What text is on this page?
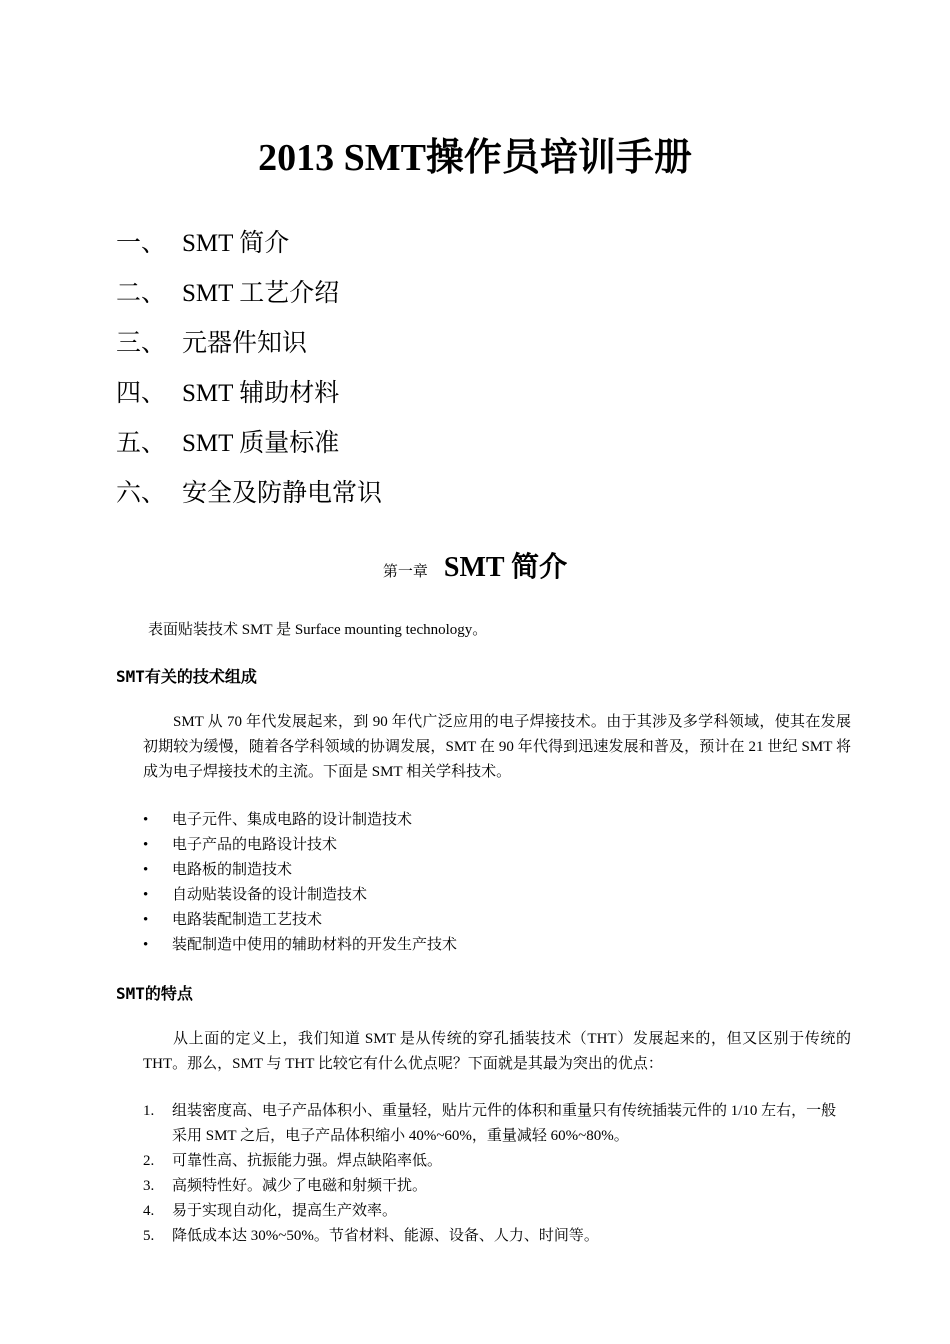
2013 SMT操作员培训手册
一、 SMT 简介
二、 SMT 工艺介绍
三、 元器件知识
四、 SMT 辅助材料
五、 SMT 质量标准
六、 安全及防静电常识
第一章 SMT 简介
表面贴装技术 SMT 是 Surface mounting technology。
SMT有关的技术组成
SMT 从 70 年代发展起来，到 90 年代广泛应用的电子焊接技术。由于其涉及多学科领域，使其在发展初期较为缓慢，随着各学科领域的协调发展，SMT 在 90 年代得到迅速发展和普及，预计在 21 世纪 SMT 将成为电子焊接技术的主流。下面是 SMT 相关学科技术。
•	电子元件、集成电路的设计制造技术
•	电子产品的电路设计技术
•	电路板的制造技术
•	自动贴装设备的设计制造技术
•	电路装配制造工艺技术
•	装配制造中使用的辅助材料的开发生产技术
SMT的特点
从上面的定义上，我们知道 SMT 是从传统的穿孔插装技术（THT）发展起来的，但又区别于传统的 THT。那么，SMT 与 THT 比较它有什么优点呢？下面就是其最为突出的优点：
1.	组装密度高、电子产品体积小、重量轻，贴片元件的体积和重量只有传统插装元件的 1/10 左右，一般采用 SMT 之后，电子产品体积缩小 40%~60%，重量减轻 60%~80%。
2.	可靠性高、抗振能力强。焊点缺陷率低。
3.	高频特性好。减少了电磁和射频干扰。
4.	易于实现自动化，提高生产效率。
5.	降低成本达 30%~50%。节省材料、能源、设备、人力、时间等。
